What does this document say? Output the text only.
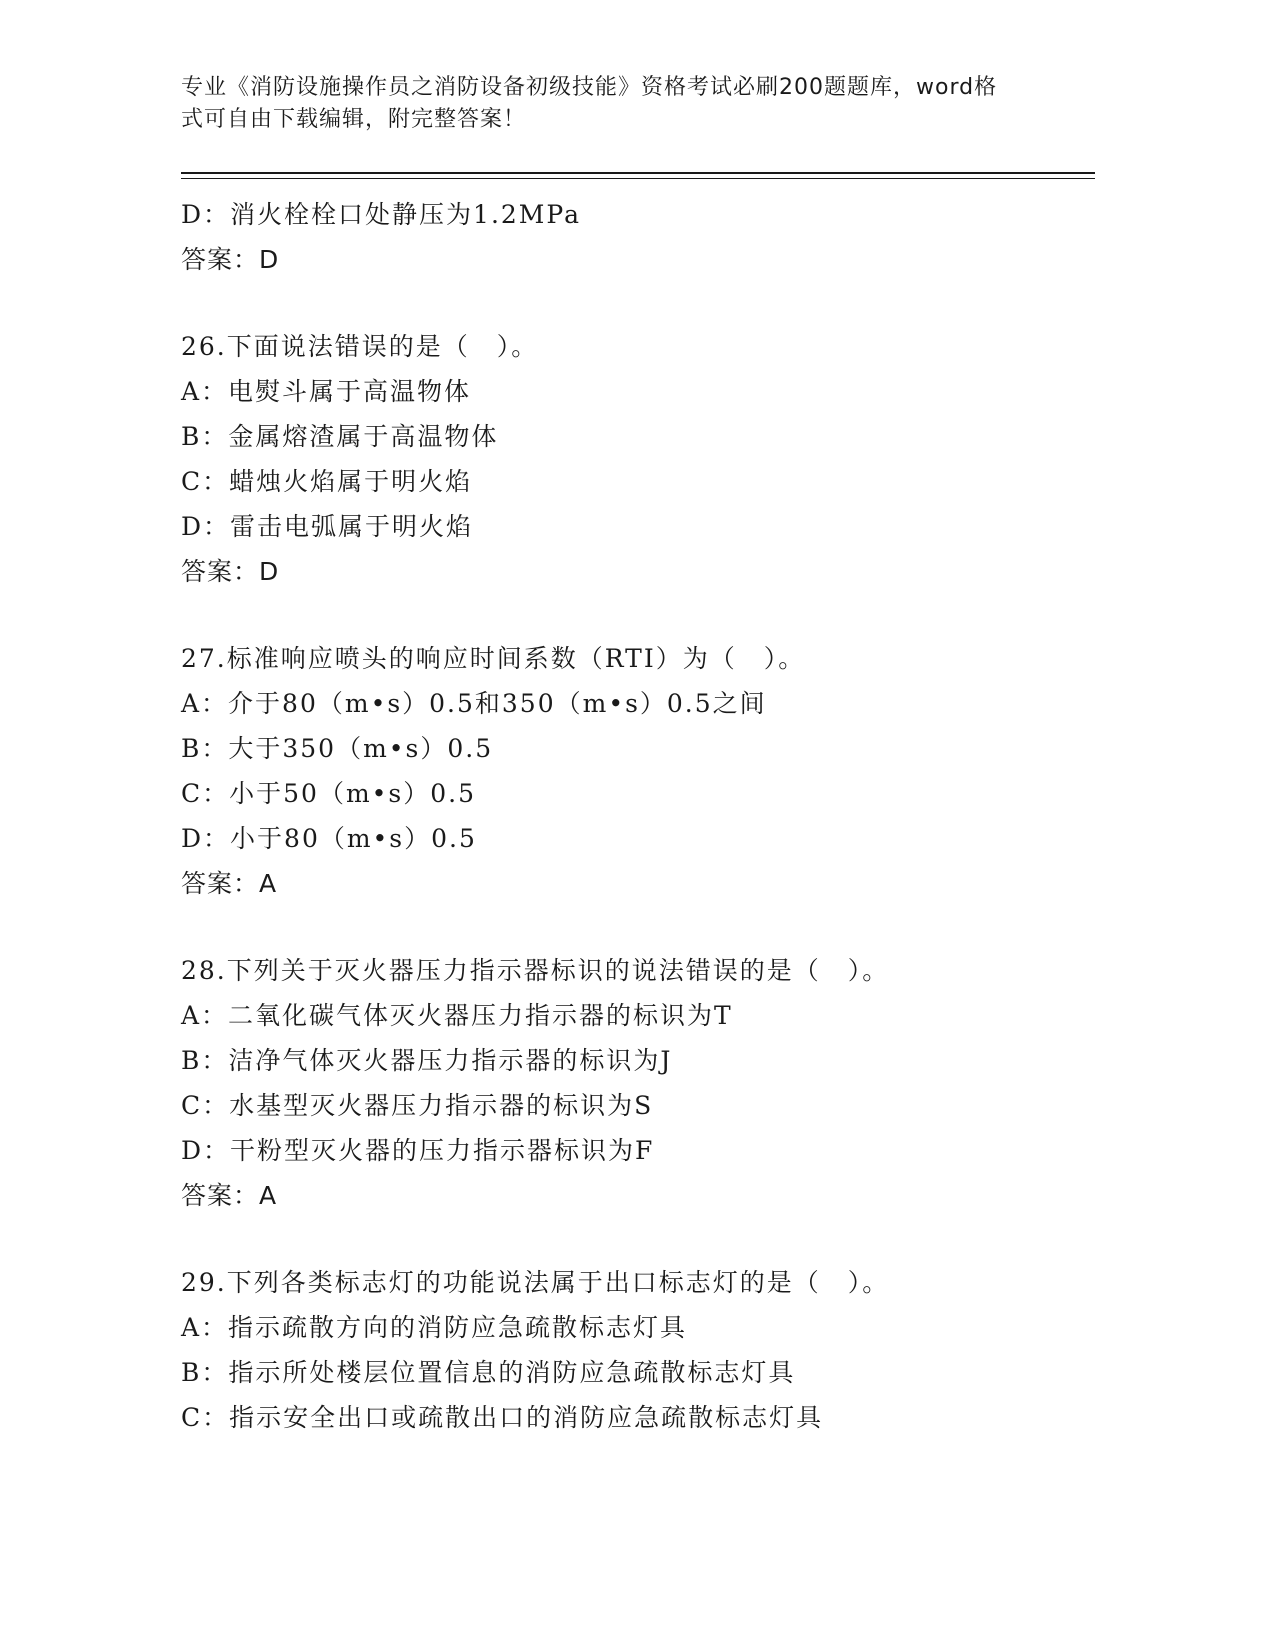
专业《消防设施操作员之消防设备初级技能》资格考试必刷200题题库，word格
式可自由下载编辑，附完整答案！
D：消火栓栓口处静压为1.2MPa
答案：D
26.下面说法错误的是（　）。
A：电熨斗属于高温物体
B：金属熔渣属于高温物体
C：蜡烛火焰属于明火焰
D：雷击电弧属于明火焰
答案：D
27.标准响应喷头的响应时间系数（RTI）为（　）。
A：介于80（m•s）0.5和350（m•s）0.5之间
B：大于350（m•s）0.5
C：小于50（m•s）0.5
D：小于80（m•s）0.5
答案：A
28.下列关于灭火器压力指示器标识的说法错误的是（　）。
A：二氧化碳气体灭火器压力指示器的标识为T
B：洁净气体灭火器压力指示器的标识为J
C：水基型灭火器压力指示器的标识为S
D：干粉型灭火器的压力指示器标识为F
答案：A
29.下列各类标志灯的功能说法属于出口标志灯的是（　）。
A：指示疏散方向的消防应急疏散标志灯具
B：指示所处楼层位置信息的消防应急疏散标志灯具
C：指示安全出口或疏散出口的消防应急疏散标志灯具
